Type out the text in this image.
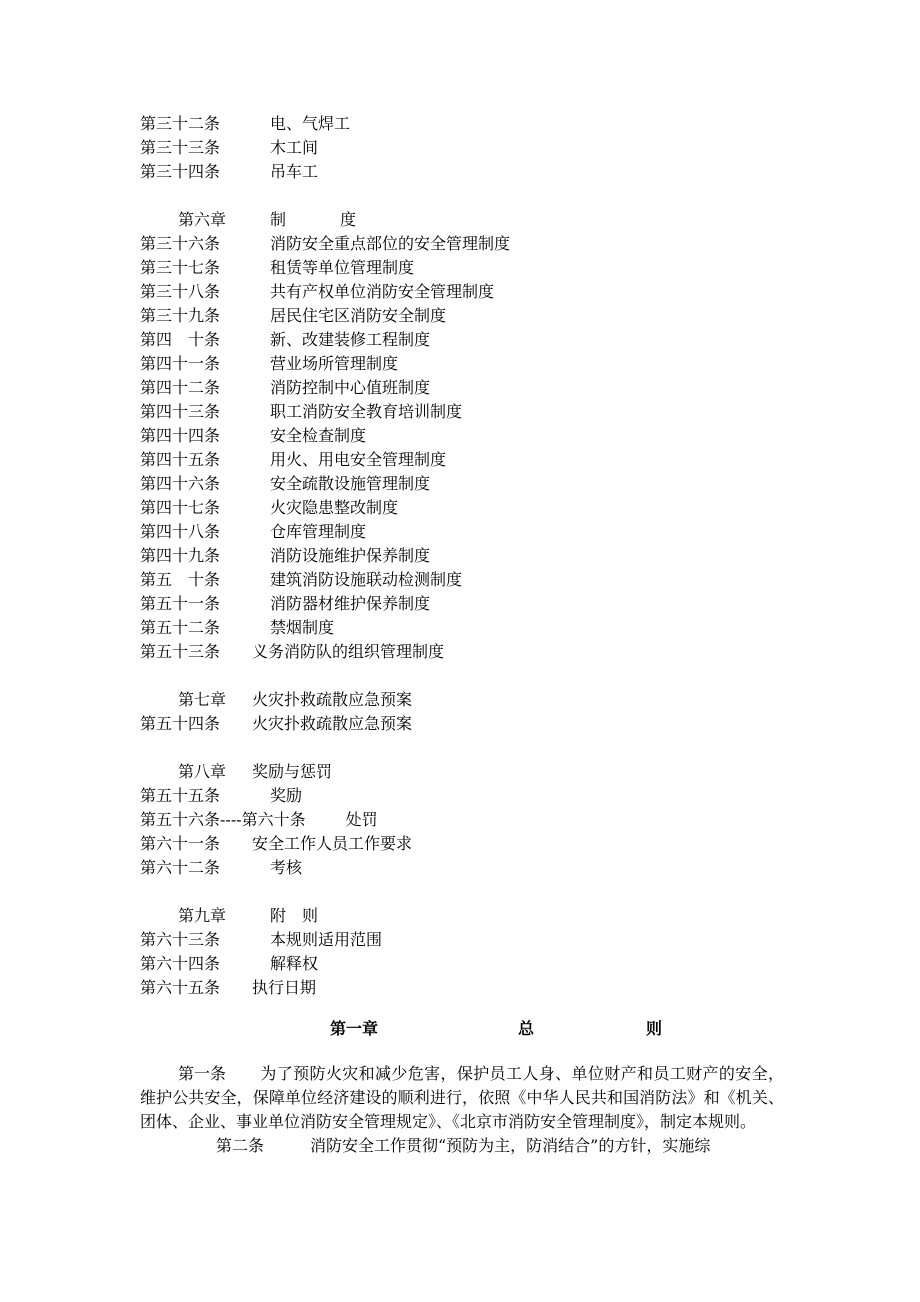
第三十二条	电、气焊工
第三十三条	木工间
第三十四条	吊车工
第六章	制	度
第三十六条	消防安全重点部位的安全管理制度
第三十七条	租赁等单位管理制度
第三十八条	共有产权单位消防安全管理制度
第三十九条	居民住宅区消防安全制度
第四　十条	新、改建装修工程制度
第四十一条	营业场所管理制度
第四十二条	消防控制中心值班制度
第四十三条	职工消防安全教育培训制度
第四十四条	安全检查制度
第四十五条	用火、用电安全管理制度
第四十六条	安全疏散设施管理制度
第四十七条	火灾隐患整改制度
第四十八条	仓库管理制度
第四十九条	消防设施维护保养制度
第五　十条	建筑消防设施联动检测制度
第五十一条	消防器材维护保养制度
第五十二条	禁烟制度
第五十三条 义务消防队的组织管理制度
第七章 火灾扑救疏散应急预案
第五十四条 火灾扑救疏散应急预案
第八章 奖励与惩罚
第五十五条	奖励
第五十六条----第六十条	处罚
第六十一条 安全工作人员工作要求
第六十二条	考核
第九章	附　则
第六十三条	本规则适用范围
第六十四条	解释权
第六十五条 执行日期
第一章	总	则

第一条 为了预防火灾和减少危害，保护员工人身、单位财产和员工财产的安全，维护公共安全，保障单位经济建设的顺利进行，依照《中华人民共和国消防法》和《机关、团体、企业、事业单位消防安全管理规定》、《北京市消防安全管理制度》，制定本规则。

第二条	消防安全工作贯彻“预防为主，防消结合”的方针，实施综
